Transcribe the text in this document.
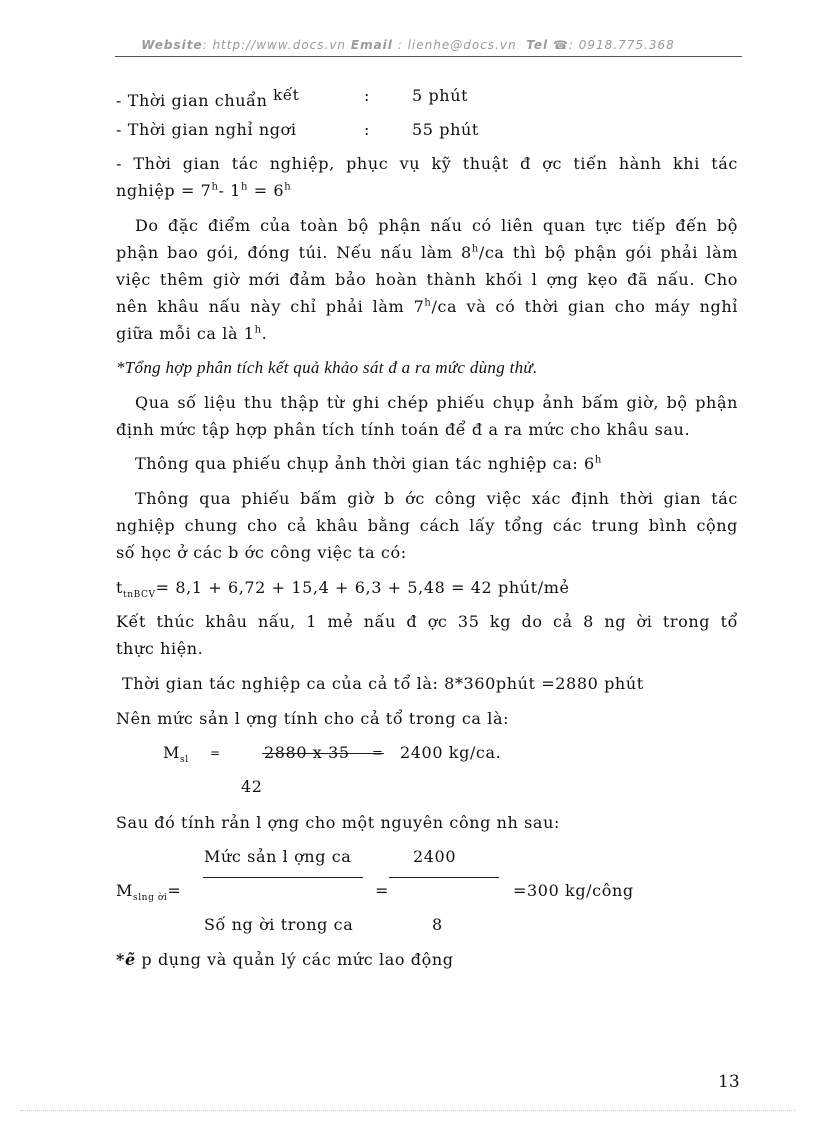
Website: http://www.docs.vn Email : lienhe@docs.vn Tel ☎: 0918.775.368
- Thời gian chuẩn $^{kết}$	:	5 phút
- Thời gian nghỉ ngơi	:	55 phút
- Thời gian tác nghiệp, phục vụ kỹ thuật đ ợc tiến hành khi tác
nghiệp = $7^h-$ $1^h = 6^h$
Do đặc điểm của toàn bộ phận nấu có liên quan tực tiếp đến bộ
phận bao gói, đóng túi. Nếu nấu làm 8$^h$/ca thì bộ phận gói phải làm
việc thêm giờ mới đảm bảo hoàn thành khối l ợng kẹo đã nấu. Cho
nên khâu nấu này chỉ phải làm 7$^h$/ca và có thời gian cho máy nghỉ
giữa mỗi ca là 1$^h$.
*Tổng hợp phân tích kết quả khảo sát đ a ra mức dùng thử.
Qua số liệu thu thập từ ghi chép phiếu chụp ảnh bấm giờ, bộ phận
định mức tập hợp phân tích tính toán để đ a ra mức cho khâu sau.
Thông qua phiếu chụp ảnh thời gian tác nghiệp ca: 6$^h$
Thông qua phiếu bấm giờ b ớc công việc xác định thời gian tác
nghiệp chung cho cả khâu bằng cách lấy tổng các trung bình cộng
số học ở các b ớc công việc ta có:
$t_{tnBCV}= 8,1 + 6,72 + 15,4 + 6,3 + 5,48 = 42$ phút/mẻ
Kết thúc khâu nấu, 1 mẻ nấu đ ợc 35 kg do cả 8 ng ời trong tổ
thực hiện.
Thời gian tác nghiệp ca của cả tổ là: 8*360phút =2880 phút
Nên mức sản l ợng tính cho cả tổ trong ca là:
$M_{sl}$
=	2880 x 35 = 2400 kg/ca.
42
Sau đó tính rản l ợng cho một nguyên công nh sau:
Mức sản l ợng ca	2400
$M_{slng ời}=$	=	=300 kg/công
Số ng ời trong ca	8
*ẽ p dụng và quản lý các mức lao động
13
